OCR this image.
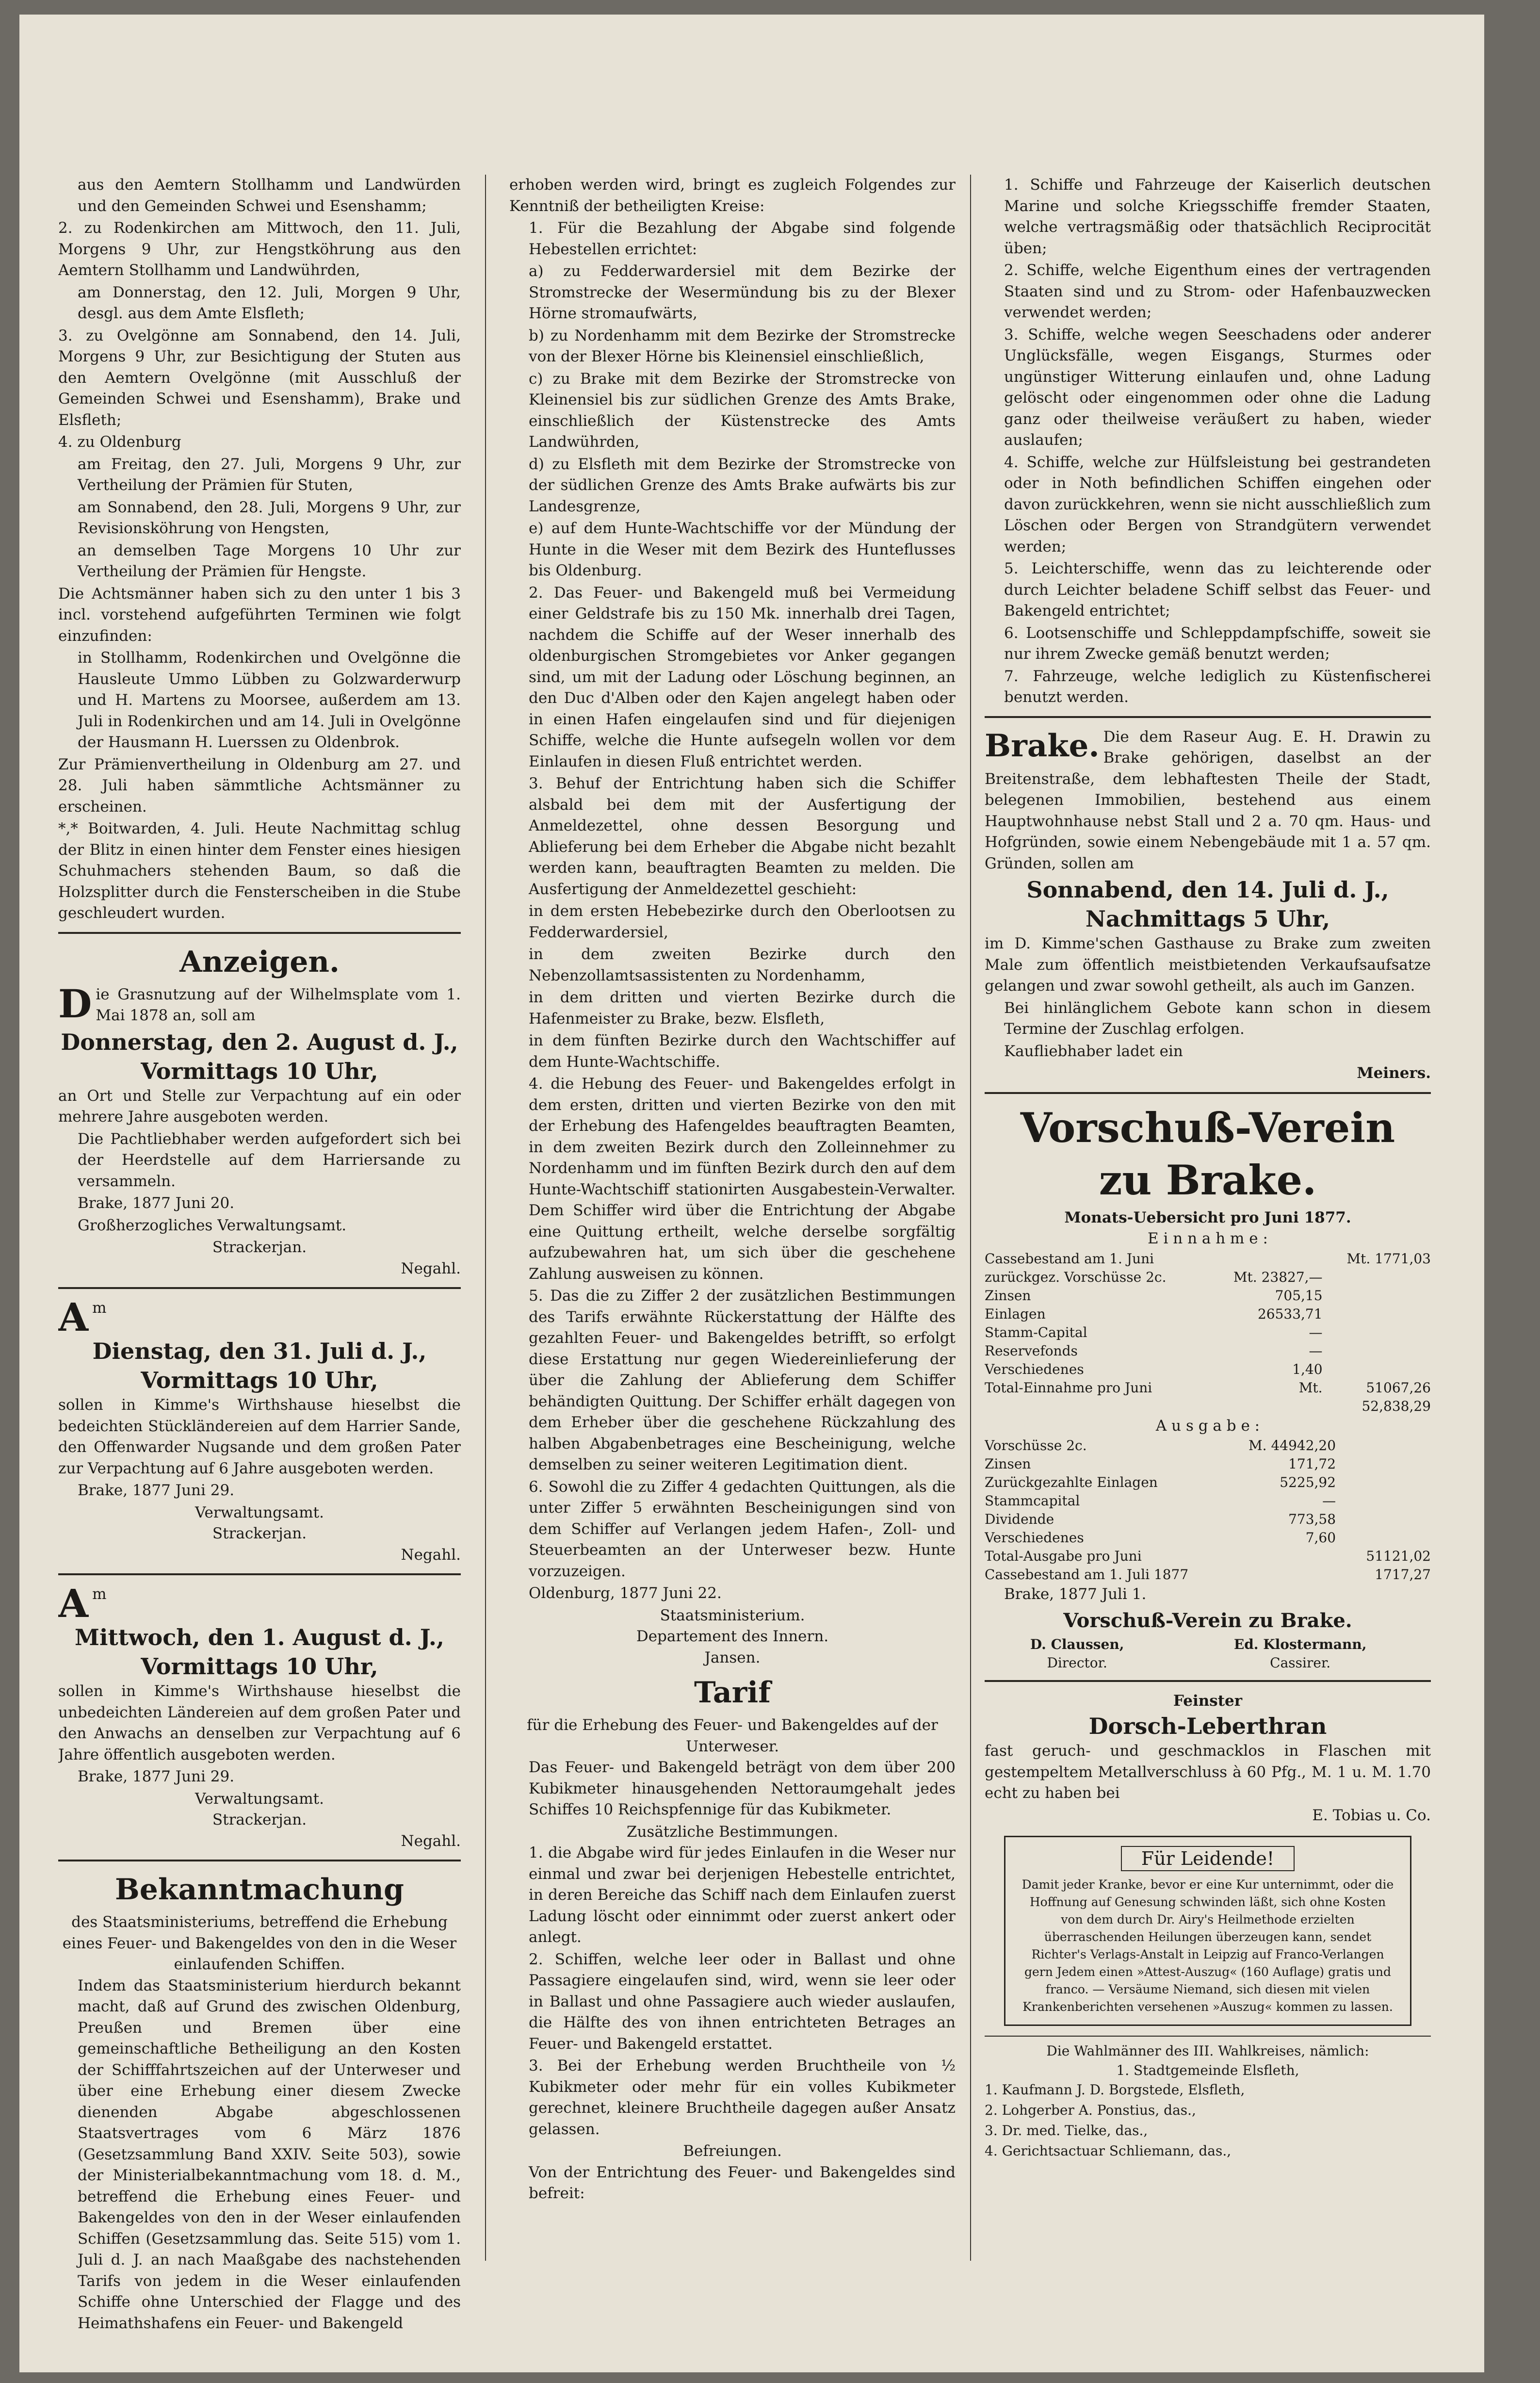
aus den Aemtern Stollhamm und Landwürden und den Gemeinden Schwei und Esenshamm;

2. zu Rodenkirchen am Mittwoch, den 11. Juli, Morgens 9 Uhr, zur Hengstköhrung aus den Aemtern Stollhamm und Landwührden,

am Donnerstag, den 12. Juli, Morgen 9 Uhr, desgl. aus dem Amte Elsfleth;

3. zu Ovelgönne am Sonnabend, den 14. Juli, Morgens 9 Uhr, zur Besichtigung der Stuten aus den Aemtern Ovelgönne (mit Ausschluß der Gemeinden Schwei und Esenshamm), Brake und Elsfleth;

4. zu Oldenburg

am Freitag, den 27. Juli, Morgens 9 Uhr, zur Vertheilung der Prämien für Stuten,

am Sonnabend, den 28. Juli, Morgens 9 Uhr, zur Revisionsköhrung von Hengsten,

an demselben Tage Morgens 10 Uhr zur Vertheilung der Prämien für Hengste.

Die Achtsmänner haben sich zu den unter 1 bis 3 incl. vorstehend aufgeführten Terminen wie folgt einzufinden:

in Stollhamm, Rodenkirchen und Ovelgönne die Hausleute Ummo Lübben zu Golzwarderwurp und H. Martens zu Moorsee, außerdem am 13. Juli in Rodenkirchen und am 14. Juli in Ovelgönne der Hausmann H. Luerssen zu Oldenbrok.

Zur Prämienvertheilung in Oldenburg am 27. und 28. Juli haben sämmtliche Achtsmänner zu erscheinen.

*,* Boitwarden, 4. Juli. Heute Nachmittag schlug der Blitz in einen hinter dem Fenster eines hiesigen Schuhmachers stehenden Baum, so daß die Holzsplitter durch die Fensterscheiben in die Stube geschleudert wurden.

Anzeigen.

Die Grasnutzung auf der Wilhelmsplate vom 1. Mai 1878 an, soll am

Donnerstag, den 2. August d. J.,
Vormittags 10 Uhr,

an Ort und Stelle zur Verpachtung auf ein oder mehrere Jahre ausgeboten werden.

Die Pachtliebhaber werden aufgefordert sich bei der Heerdstelle auf dem Harriersande zu versammeln.

Brake, 1877 Juni 20.

Großherzogliches Verwaltungsamt.

Strackerjan.

Negahl.

Am

Dienstag, den 31. Juli d. J.,
Vormittags 10 Uhr,

sollen in Kimme's Wirthshause hieselbst die bedeichten Stückländereien auf dem Harrier Sande, den Offenwarder Nugsande und dem großen Pater zur Verpachtung auf 6 Jahre ausgeboten werden.

Brake, 1877 Juni 29.

Verwaltungsamt.

Strackerjan.

Negahl.

Am

Mittwoch, den 1. August d. J.,
Vormittags 10 Uhr,

sollen in Kimme's Wirthshause hieselbst die unbedeichten Ländereien auf dem großen Pater und den Anwachs an denselben zur Verpachtung auf 6 Jahre öffentlich ausgeboten werden.

Brake, 1877 Juni 29.

Verwaltungsamt.

Strackerjan.

Negahl.

Bekanntmachung

des Staatsministeriums, betreffend die Erhebung eines Feuer- und Bakengeldes von den in die Weser einlaufenden Schiffen.

Indem das Staatsministerium hierdurch bekannt macht, daß auf Grund des zwischen Oldenburg, Preußen und Bremen über eine gemeinschaftliche Betheiligung an den Kosten der Schifffahrtszeichen auf der Unterweser und über eine Erhebung einer diesem Zwecke dienenden Abgabe abgeschlossenen Staatsvertrages vom 6 März 1876 (Gesetzsammlung Band XXIV. Seite 503), sowie der Ministerialbekanntmachung vom 18. d. M., betreffend die Erhebung eines Feuer- und Bakengeldes von den in der Weser einlaufenden Schiffen (Gesetzsammlung das. Seite 515) vom 1. Juli d. J. an nach Maaßgabe des nachstehenden Tarifs von jedem in die Weser einlaufenden Schiffe ohne Unterschied der Flagge und des Heimathshafens ein Feuer- und Bakengeld

erhoben werden wird, bringt es zugleich Folgendes zur Kenntniß der betheiligten Kreise:

1. Für die Bezahlung der Abgabe sind folgende Hebestellen errichtet:

a) zu Fedderwardersiel mit dem Bezirke der Stromstrecke der Wesermündung bis zu der Blexer Hörne stromaufwärts,

b) zu Nordenhamm mit dem Bezirke der Stromstrecke von der Blexer Hörne bis Kleinensiel einschließlich,

c) zu Brake mit dem Bezirke der Stromstrecke von Kleinensiel bis zur südlichen Grenze des Amts Brake, einschließlich der Küstenstrecke des Amts Landwührden,

d) zu Elsfleth mit dem Bezirke der Stromstrecke von der südlichen Grenze des Amts Brake aufwärts bis zur Landesgrenze,

e) auf dem Hunte-Wachtschiffe vor der Mündung der Hunte in die Weser mit dem Bezirk des Hunteflusses bis Oldenburg.

2. Das Feuer- und Bakengeld muß bei Vermeidung einer Geldstrafe bis zu 150 Mk. innerhalb drei Tagen, nachdem die Schiffe auf der Weser innerhalb des oldenburgischen Stromgebietes vor Anker gegangen sind, um mit der Ladung oder Löschung beginnen, an den Duc d'Alben oder den Kajen angelegt haben oder in einen Hafen eingelaufen sind und für diejenigen Schiffe, welche die Hunte aufsegeln wollen vor dem Einlaufen in diesen Fluß entrichtet werden.

3. Behuf der Entrichtung haben sich die Schiffer alsbald bei dem mit der Ausfertigung der Anmeldezettel, ohne dessen Besorgung und Ablieferung bei dem Erheber die Abgabe nicht bezahlt werden kann, beauftragten Beamten zu melden. Die Ausfertigung der Anmeldezettel geschieht:

in dem ersten Hebebezirke durch den Oberlootsen zu Fedderwardersiel,

in dem zweiten Bezirke durch den Nebenzollamtsassistenten zu Nordenhamm,

in dem dritten und vierten Bezirke durch die Hafenmeister zu Brake, bezw. Elsfleth,

in dem fünften Bezirke durch den Wachtschiffer auf dem Hunte-Wachtschiffe.

4. die Hebung des Feuer- und Bakengeldes erfolgt in dem ersten, dritten und vierten Bezirke von den mit der Erhebung des Hafengeldes beauftragten Beamten, in dem zweiten Bezirk durch den Zolleinnehmer zu Nordenhamm und im fünften Bezirk durch den auf dem Hunte-Wachtschiff stationirten Ausgabestein-Verwalter. Dem Schiffer wird über die Entrichtung der Abgabe eine Quittung ertheilt, welche derselbe sorgfältig aufzubewahren hat, um sich über die geschehene Zahlung ausweisen zu können.

5. Das die zu Ziffer 2 der zusätzlichen Bestimmungen des Tarifs erwähnte Rückerstattung der Hälfte des gezahlten Feuer- und Bakengeldes betrifft, so erfolgt diese Erstattung nur gegen Wiedereinlieferung der über die Zahlung der Ablieferung dem Schiffer behändigten Quittung. Der Schiffer erhält dagegen von dem Erheber über die geschehene Rückzahlung des halben Abgabenbetrages eine Bescheinigung, welche demselben zu seiner weiteren Legitimation dient.

6. Sowohl die zu Ziffer 4 gedachten Quittungen, als die unter Ziffer 5 erwähnten Bescheinigungen sind von dem Schiffer auf Verlangen jedem Hafen-, Zoll- und Steuerbeamten an der Unterweser bezw. Hunte vorzuzeigen.

Oldenburg, 1877 Juni 22.

Staatsministerium.

Departement des Innern.

Jansen.

Tarif

für die Erhebung des Feuer- und Bakengeldes auf der Unterweser.

Das Feuer- und Bakengeld beträgt von dem über 200 Kubikmeter hinausgehenden Nettoraumgehalt jedes Schiffes 10 Reichspfennige für das Kubikmeter.

Zusätzliche Bestimmungen.

1. die Abgabe wird für jedes Einlaufen in die Weser nur einmal und zwar bei derjenigen Hebestelle entrichtet, in deren Bereiche das Schiff nach dem Einlaufen zuerst Ladung löscht oder einnimmt oder zuerst ankert oder anlegt.

2. Schiffen, welche leer oder in Ballast und ohne Passagiere eingelaufen sind, wird, wenn sie leer oder in Ballast und ohne Passagiere auch wieder auslaufen, die Hälfte des von ihnen entrichteten Betrages an Feuer- und Bakengeld erstattet.

3. Bei der Erhebung werden Bruchtheile von ½ Kubikmeter oder mehr für ein volles Kubikmeter gerechnet, kleinere Bruchtheile dagegen außer Ansatz gelassen.

Befreiungen.

Von der Entrichtung des Feuer- und Bakengeldes sind befreit:

1. Schiffe und Fahrzeuge der Kaiserlich deutschen Marine und solche Kriegsschiffe fremder Staaten, welche vertragsmäßig oder thatsächlich Reciprocität üben;

2. Schiffe, welche Eigenthum eines der vertragenden Staaten sind und zu Strom- oder Hafenbauzwecken verwendet werden;

3. Schiffe, welche wegen Seeschadens oder anderer Unglücksfälle, wegen Eisgangs, Sturmes oder ungünstiger Witterung einlaufen und, ohne Ladung gelöscht oder eingenommen oder ohne die Ladung ganz oder theilweise veräußert zu haben, wieder auslaufen;

4. Schiffe, welche zur Hülfsleistung bei gestrandeten oder in Noth befindlichen Schiffen eingehen oder davon zurückkehren, wenn sie nicht ausschließlich zum Löschen oder Bergen von Strandgütern verwendet werden;

5. Leichterschiffe, wenn das zu leichterende oder durch Leichter beladene Schiff selbst das Feuer- und Bakengeld entrichtet;

6. Lootsenschiffe und Schleppdampfschiffe, soweit sie nur ihrem Zwecke gemäß benutzt werden;

7. Fahrzeuge, welche lediglich zu Küstenfischerei benutzt werden.

Brake. Die dem Raseur Aug. E. H. Drawin zu Brake gehörigen, daselbst an der Breitenstraße, dem lebhaftesten Theile der Stadt, belegenen Immobilien, bestehend aus einem Hauptwohnhause nebst Stall und 2 a. 70 qm. Haus- und Hofgründen, sowie einem Nebengebäude mit 1 a. 57 qm. Gründen, sollen am

Sonnabend, den 14. Juli d. J.,
Nachmittags 5 Uhr,

im D. Kimme'schen Gasthause zu Brake zum zweiten Male zum öffentlich meistbietenden Verkaufsaufsatze gelangen und zwar sowohl getheilt, als auch im Ganzen.

Bei hinlänglichem Gebote kann schon in diesem Termine der Zuschlag erfolgen.

Kaufliebhaber ladet ein

Meiners.

Vorschuß-Verein
zu Brake.

Monats-Uebersicht pro Juni 1877.

E i n n a h m e :

Cassebestand am 1. Juni		Mt. 1771,03
zurückgez. Vorschüsse 2c.	Mt. 23827,—	
Zinsen	705,15	
Einlagen	26533,71	
Stamm-Capital	—	
Reservefonds	—	
Verschiedenes	1,40	
Total-Einnahme pro Juni	Mt.	51067,26
		52,838,29

A u s g a b e :

Vorschüsse 2c.	M. 44942,20	
Zinsen	171,72	
Zurückgezahlte Einlagen	5225,92	
Stammcapital	—	
Dividende	773,58	
Verschiedenes	7,60	
Total-Ausgabe pro Juni		51121,02
Cassebestand am 1. Juli 1877		1717,27

Brake, 1877 Juli 1.

Vorschuß-Verein zu Brake.
D. Claussen,	Ed. Klostermann,
Director.	Cassirer.

Feinster

Dorsch-Leberthran

fast geruch- und geschmacklos in Flaschen mit gestempeltem Metallverschluss à 60 Pfg., M. 1 u. M. 1.70 echt zu haben bei

E. Tobias u. Co.

Für Leidende!
Damit jeder Kranke, bevor er eine Kur unternimmt, oder die Hoffnung auf Genesung schwinden läßt, sich ohne Kosten von dem durch Dr. Airy's Heilmethode erzielten überraschenden Heilungen überzeugen kann, sendet Richter's Verlags-Anstalt in Leipzig auf Franco-Verlangen gern Jedem einen »Attest-Auszug« (160 Auflage) gratis und franco. — Versäume Niemand, sich diesen mit vielen Krankenberichten versehenen »Auszug« kommen zu lassen.

Die Wahlmänner des III. Wahlkreises, nämlich:

1. Stadtgemeinde Elsfleth,

1. Kaufmann J. D. Borgstede, Elsfleth,

2. Lohgerber A. Ponstius, das.,

3. Dr. med. Tielke, das.,

4. Gerichtsactuar Schliemann, das.,
